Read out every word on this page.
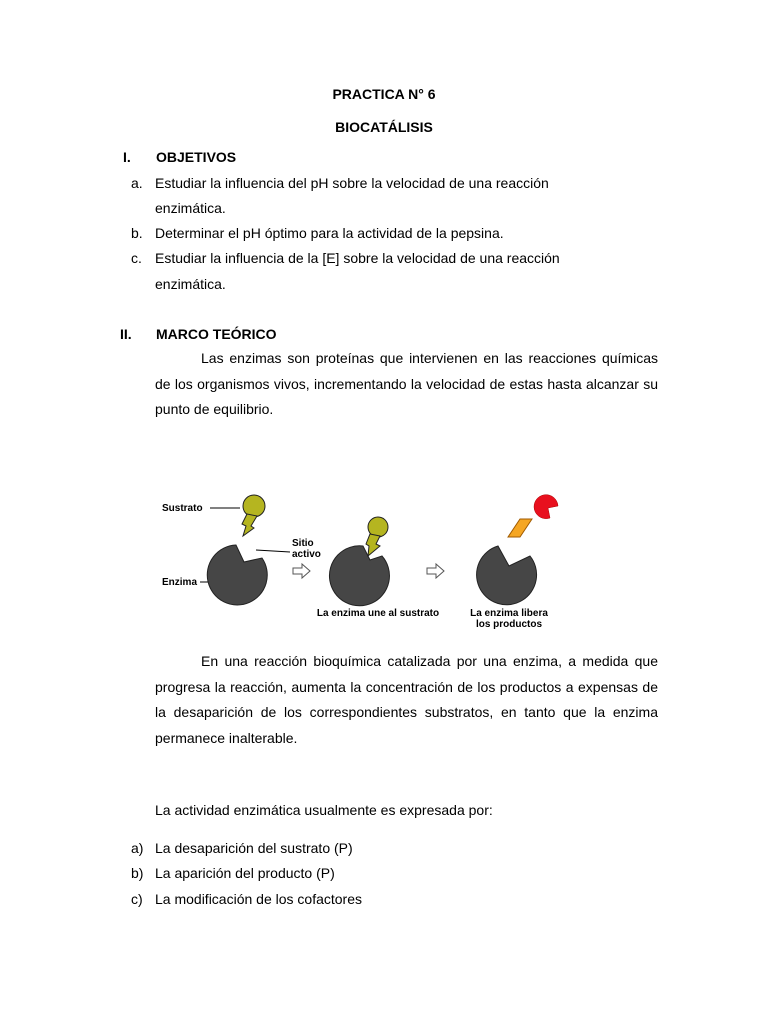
PRACTICA N° 6
BIOCATÁLISIS
I. OBJETIVOS
a. Estudiar la influencia del pH sobre la velocidad de una reacción
enzimática.
b. Determinar el pH óptimo para la actividad de la pepsina.
c. Estudiar la influencia de la [E] sobre la velocidad de una reacción
enzimática.
II. MARCO TEÓRICO
Las enzimas son proteínas que intervienen en las reacciones químicas de los organismos vivos, incrementando la velocidad de estas hasta alcanzar su punto de equilibrio.
Sustrato
Sitio
activo
Enzima
La enzima une al sustrato	La enzima libera
los productos
En una reacción bioquímica catalizada por una enzima, a medida que progresa la reacción, aumenta la concentración de los productos a expensas de la desaparición de los correspondientes substratos, en tanto que la enzima permanece inalterable.
La actividad enzimática usualmente es expresada por:
a) La desaparición del sustrato (P)
b) La aparición del producto (P)
c) La modificación de los cofactores
